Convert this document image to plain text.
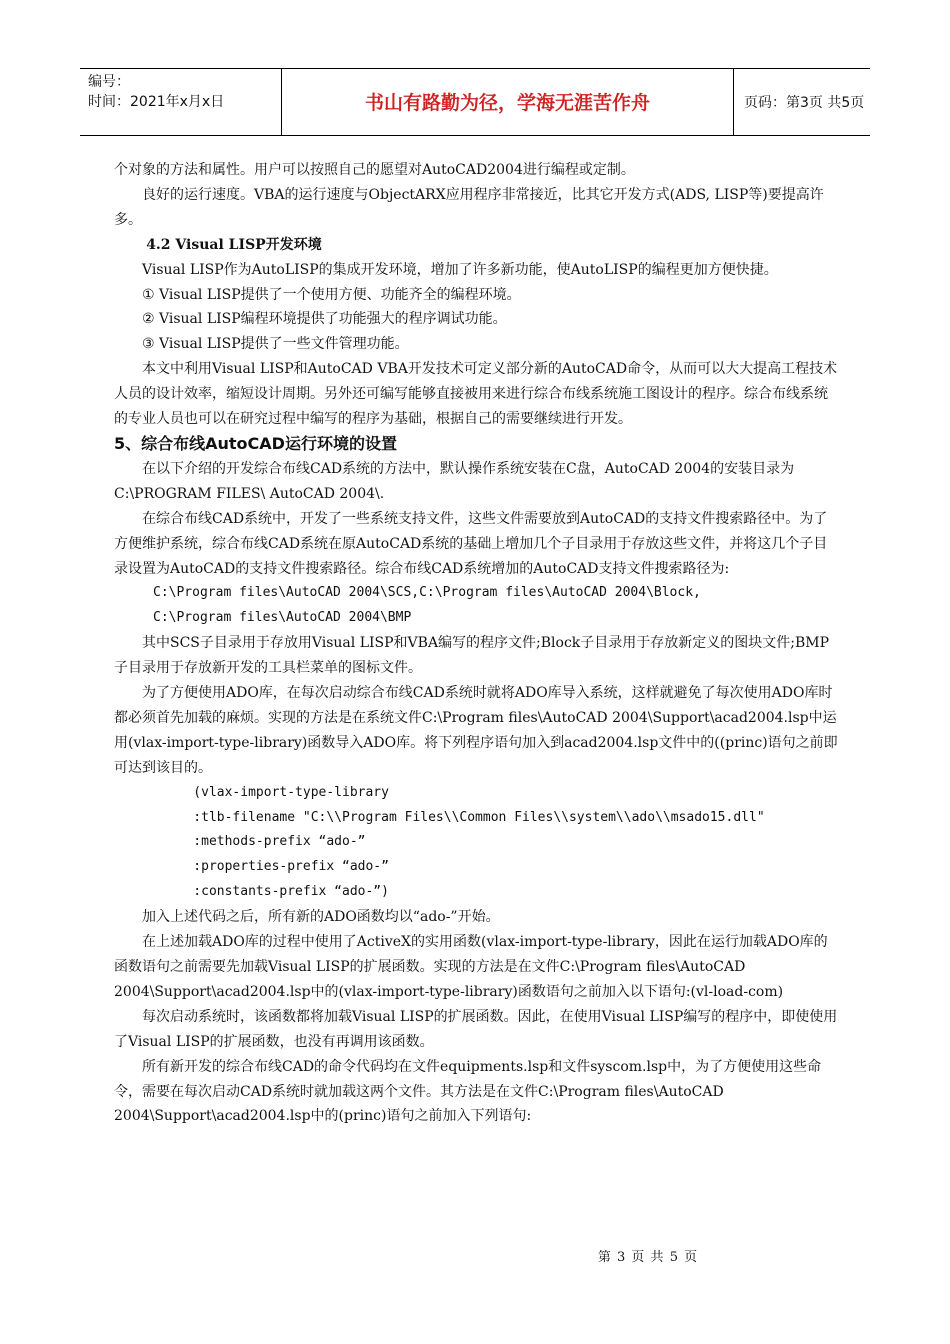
编号：
时间：2021年x月x日	书山有路勤为径，学海无涯苦作舟	页码：第3页 共5页

个对象的方法和属性。用户可以按照自己的愿望对AutoCAD2004进行编程或定制。

良好的运行速度。VBA的运行速度与ObjectARX应用程序非常接近，比其它开发方式(ADS, LISP等)要提高许多。

4.2 Visual LISP开发环境

Visual LISP作为AutoLISP的集成开发环境，增加了许多新功能，使AutoLISP的编程更加方便快捷。

① Visual LISP提供了一个使用方便、功能齐全的编程环境。

② Visual LISP编程环境提供了功能强大的程序调试功能。

③ Visual LISP提供了一些文件管理功能。

本文中利用Visual LISP和AutoCAD VBA开发技术可定义部分新的AutoCAD命令，从而可以大大提高工程技术人员的设计效率，缩短设计周期。另外还可编写能够直接被用来进行综合布线系统施工图设计的程序。综合布线系统的专业人员也可以在研究过程中编写的程序为基础，根据自己的需要继续进行开发。

5、综合布线AutoCAD运行环境的设置

在以下介绍的开发综合布线CAD系统的方法中，默认操作系统安装在C盘，AutoCAD 2004的安装目录为C:\PROGRAM FILES\ AutoCAD 2004\.

在综合布线CAD系统中，开发了一些系统支持文件，这些文件需要放到AutoCAD的支持文件搜索路径中。为了方便维护系统，综合布线CAD系统在原AutoCAD系统的基础上增加几个子目录用于存放这些文件，并将这几个子目录设置为AutoCAD的支持文件搜索路径。综合布线CAD系统增加的AutoCAD支持文件搜索路径为:

C:\Program files\AutoCAD 2004\SCS,C:\Program files\AutoCAD 2004\Block,

C:\Program files\AutoCAD 2004\BMP

其中SCS子目录用于存放用Visual LISP和VBA编写的程序文件;Block子目录用于存放新定义的图块文件;BMP子目录用于存放新开发的工具栏菜单的图标文件。

为了方便使用ADO库，在每次启动综合布线CAD系统时就将ADO库导入系统，这样就避免了每次使用ADO库时都必须首先加载的麻烦。实现的方法是在系统文件C:\Program files\AutoCAD 2004\Support\acad2004.lsp中运用(vlax-import-type-library)函数导入ADO库。将下列程序语句加入到acad2004.lsp文件中的((princ)语句之前即可达到该目的。

(vlax-import-type-library

:tlb-filename "C:\\Program Files\\Common Files\\system\\ado\\msado15.dll"

:methods-prefix “ado-”

:properties-prefix “ado-”

:constants-prefix “ado-”)

加入上述代码之后，所有新的ADO函数均以“ado-”开始。

在上述加载ADO库的过程中使用了ActiveX的实用函数(vlax-import-type-library，因此在运行加载ADO库的函数语句之前需要先加载Visual LISP的扩展函数。实现的方法是在文件C:\Program files\AutoCAD 2004\Support\acad2004.lsp中的(vlax-import-type-library)函数语句之前加入以下语句:(vl-load-com)

每次启动系统时，该函数都将加载Visual LISP的扩展函数。因此，在使用Visual LISP编写的程序中，即使使用了Visual LISP的扩展函数，也没有再调用该函数。

所有新开发的综合布线CAD的命令代码均在文件equipments.lsp和文件syscom.lsp中，为了方便使用这些命令，需要在每次启动CAD系统时就加载这两个文件。其方法是在文件C:\Program files\AutoCAD 2004\Support\acad2004.lsp中的(princ)语句之前加入下列语句:

第 3 页 共 5 页
